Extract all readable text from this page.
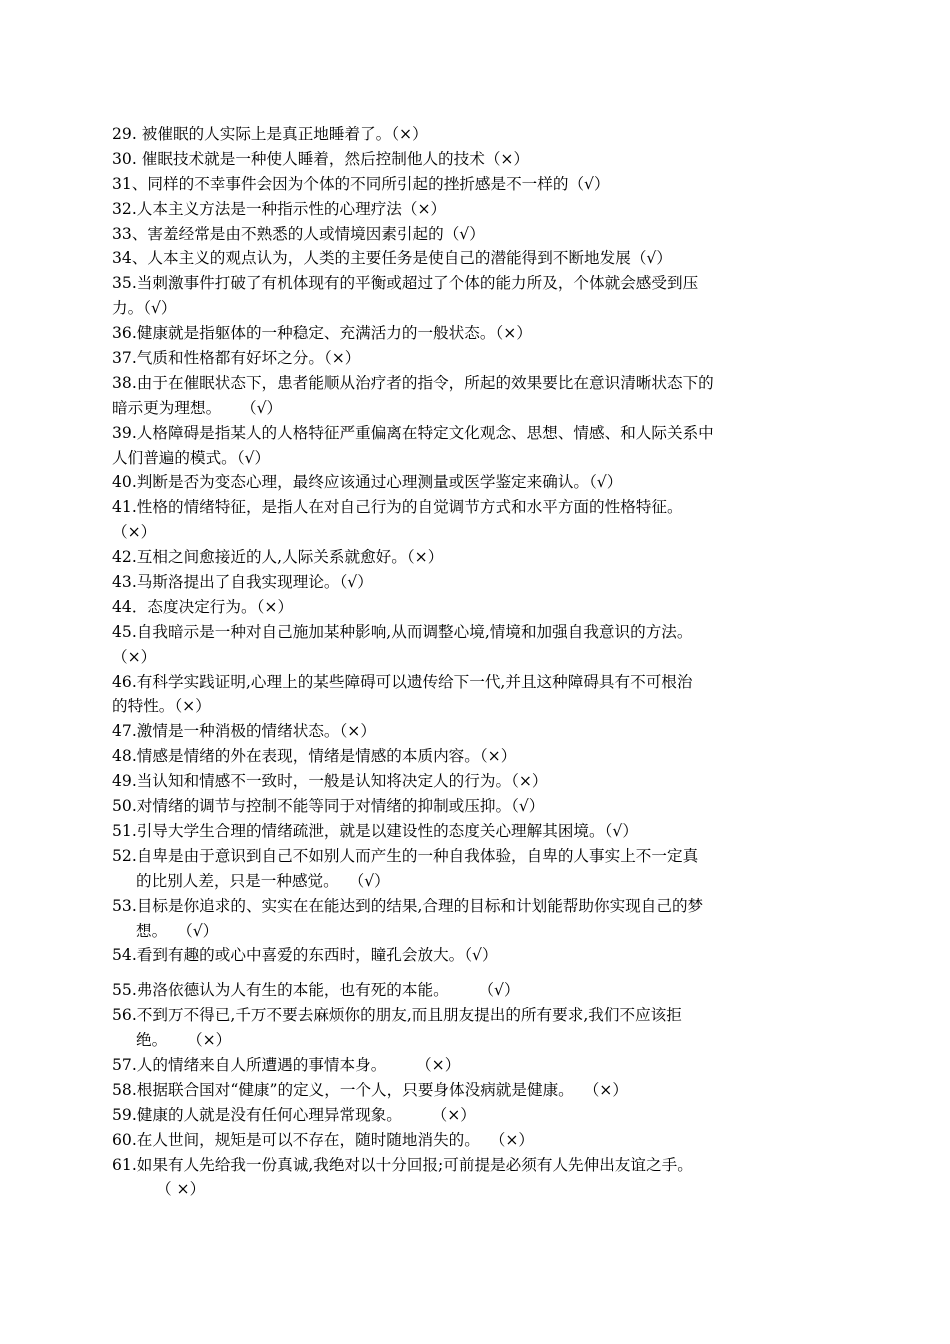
29. 被催眠的人实际上是真正地睡着了。（×）
30. 催眠技术就是一种使人睡着，然后控制他人的技术（×）
31、同样的不幸事件会因为个体的不同所引起的挫折感是不一样的（√）
32.人本主义方法是一种指示性的心理疗法（×）
33、害羞经常是由不熟悉的人或情境因素引起的（√）
34、人本主义的观点认为，人类的主要任务是使自己的潜能得到不断地发展（√）
35.当刺激事件打破了有机体现有的平衡或超过了个体的能力所及，个体就会感受到压
力。（√）
36.健康就是指躯体的一种稳定、充满活力的一般状态。（×）
37.气质和性格都有好坏之分。（×）
38.由于在催眠状态下，患者能顺从治疗者的指令，所起的效果要比在意识清晰状态下的
暗示更为理想。    （√）
39.人格障碍是指某人的人格特征严重偏离在特定文化观念、思想、情感、和人际关系中
人们普遍的模式。（√）
40.判断是否为变态心理，最终应该通过心理测量或医学鉴定来确认。（√）
41.性格的情绪特征，是指人在对自己行为的自觉调节方式和水平方面的性格特征。
（×）
42.互相之间愈接近的人,人际关系就愈好。（×）
43.马斯洛提出了自我实现理论。（√）
44．态度决定行为。（×）
45.自我暗示是一种对自己施加某种影响,从而调整心境,情境和加强自我意识的方法。
（×）
46.有科学实践证明,心理上的某些障碍可以遗传给下一代,并且这种障碍具有不可根治
的特性。（×）
47.激情是一种消极的情绪状态。（×）
48.情感是情绪的外在表现，情绪是情感的本质内容。（×）
49.当认知和情感不一致时，一般是认知将决定人的行为。（×）
50.对情绪的调节与控制不能等同于对情绪的抑制或压抑。（√）
51.引导大学生合理的情绪疏泄，就是以建设性的态度关心理解其困境。（√）
52.自卑是由于意识到自己不如别人而产生的一种自我体验，自卑的人事实上不一定真
的比别人差，只是一种感觉。  （√）
53.目标是你追求的、实实在在能达到的结果,合理的目标和计划能帮助你实现自己的梦
想。  （√）
54.看到有趣的或心中喜爱的东西时，瞳孔会放大。（√）
55.弗洛依德认为人有生的本能，也有死的本能。      （√）
56.不到万不得已,千万不要去麻烦你的朋友,而且朋友提出的所有要求,我们不应该拒
绝。    （×）
57.人的情绪来自人所遭遇的事情本身。      （×）
58.根据联合国对“健康”的定义，一个人，只要身体没病就是健康。  （×）
59.健康的人就是没有任何心理异常现象。      （×）
60.在人世间，规矩是可以不存在，随时随地消失的。  （×）
61.如果有人先给我一份真诚,我绝对以十分回报;可前提是必须有人先伸出友谊之手。
（ ×）
